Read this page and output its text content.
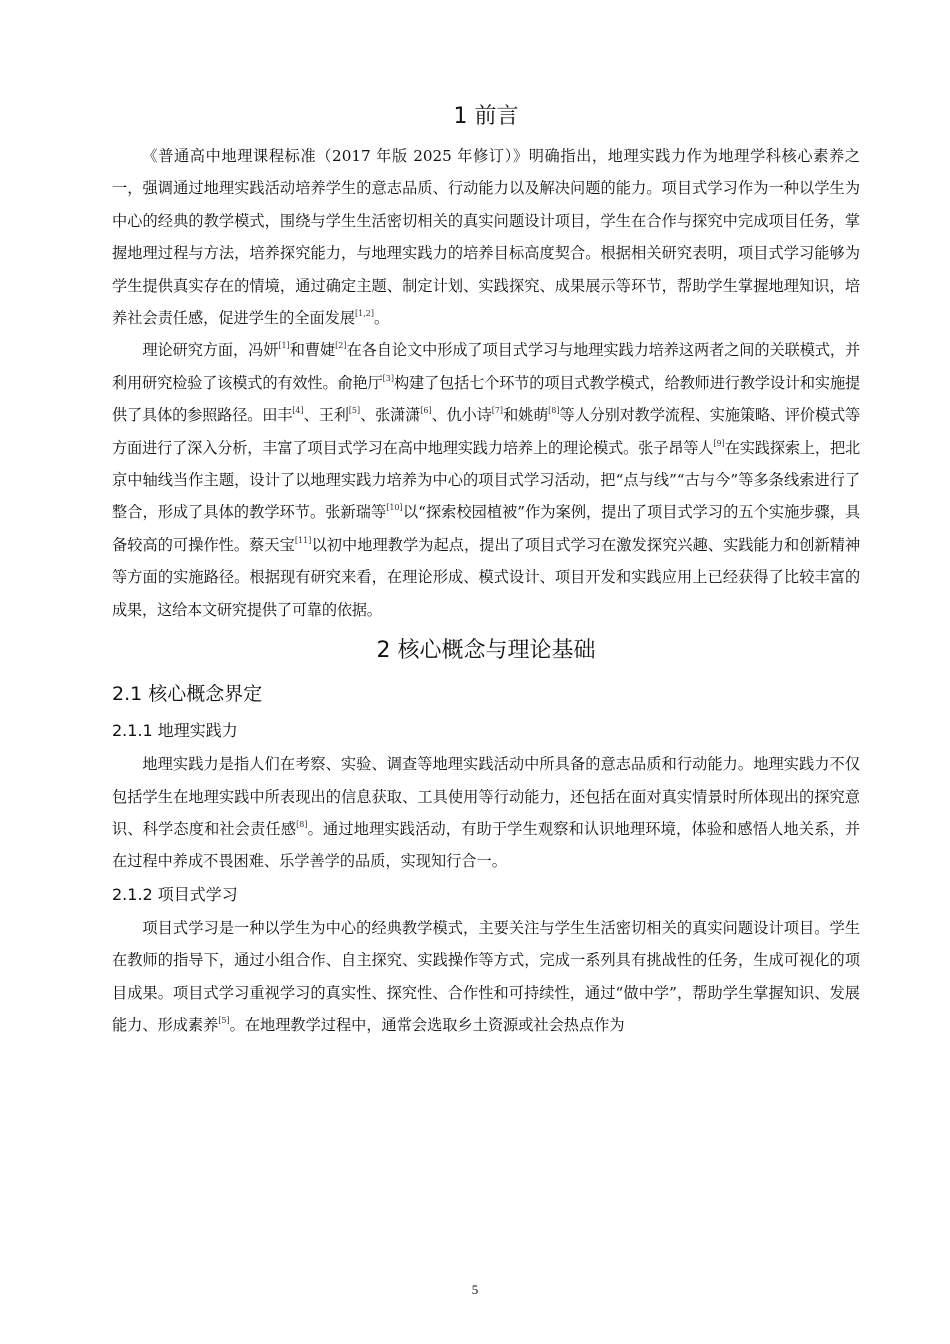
1 前言

《普通高中地理课程标准（2017 年版 2025 年修订）》明确指出，地理实践力作为地理学科核心素养之一，强调通过地理实践活动培养学生的意志品质、行动能力以及解决问题的能力。项目式学习作为一种以学生为中心的经典的教学模式，围绕与学生生活密切相关的真实问题设计项目，学生在合作与探究中完成项目任务，掌握地理过程与方法，培养探究能力，与地理实践力的培养目标高度契合。根据相关研究表明，项目式学习能够为学生提供真实存在的情境，通过确定主题、制定计划、实践探究、成果展示等环节，帮助学生掌握地理知识，培养社会责任感，促进学生的全面发展[1,2]。

理论研究方面，冯妍[1]和曹婕[2]在各自论文中形成了项目式学习与地理实践力培养这两者之间的关联模式，并利用研究检验了该模式的有效性。俞艳厅[3]构建了包括七个环节的项目式教学模式，给教师进行教学设计和实施提供了具体的参照路径。田丰[4]、王利[5]、张潇潇[6]、仇小诗[7]和姚萌[8]等人分别对教学流程、实施策略、评价模式等方面进行了深入分析，丰富了项目式学习在高中地理实践力培养上的理论模式。张子昂等人[9]在实践探索上，把北京中轴线当作主题，设计了以地理实践力培养为中心的项目式学习活动，把“点与线”“古与今”等多条线索进行了整合，形成了具体的教学环节。张新瑞等[10]以“探索校园植被”作为案例，提出了项目式学习的五个实施步骤，具备较高的可操作性。蔡天宝[11]以初中地理教学为起点，提出了项目式学习在激发探究兴趣、实践能力和创新精神等方面的实施路径。根据现有研究来看，在理论形成、模式设计、项目开发和实践应用上已经获得了比较丰富的成果，这给本文研究提供了可靠的依据。

2 核心概念与理论基础
2.1 核心概念界定
2.1.1 地理实践力

地理实践力是指人们在考察、实验、调查等地理实践活动中所具备的意志品质和行动能力。地理实践力不仅包括学生在地理实践中所表现出的信息获取、工具使用等行动能力，还包括在面对真实情景时所体现出的探究意识、科学态度和社会责任感[8]。通过地理实践活动，有助于学生观察和认识地理环境，体验和感悟人地关系，并在过程中养成不畏困难、乐学善学的品质，实现知行合一。

2.1.2 项目式学习

项目式学习是一种以学生为中心的经典教学模式，主要关注与学生生活密切相关的真实问题设计项目。学生在教师的指导下，通过小组合作、自主探究、实践操作等方式，完成一系列具有挑战性的任务，生成可视化的项目成果。项目式学习重视学习的真实性、探究性、合作性和可持续性，通过“做中学”，帮助学生掌握知识、发展能力、形成素养[5]。在地理教学过程中，通常会选取乡土资源或社会热点作为

5
